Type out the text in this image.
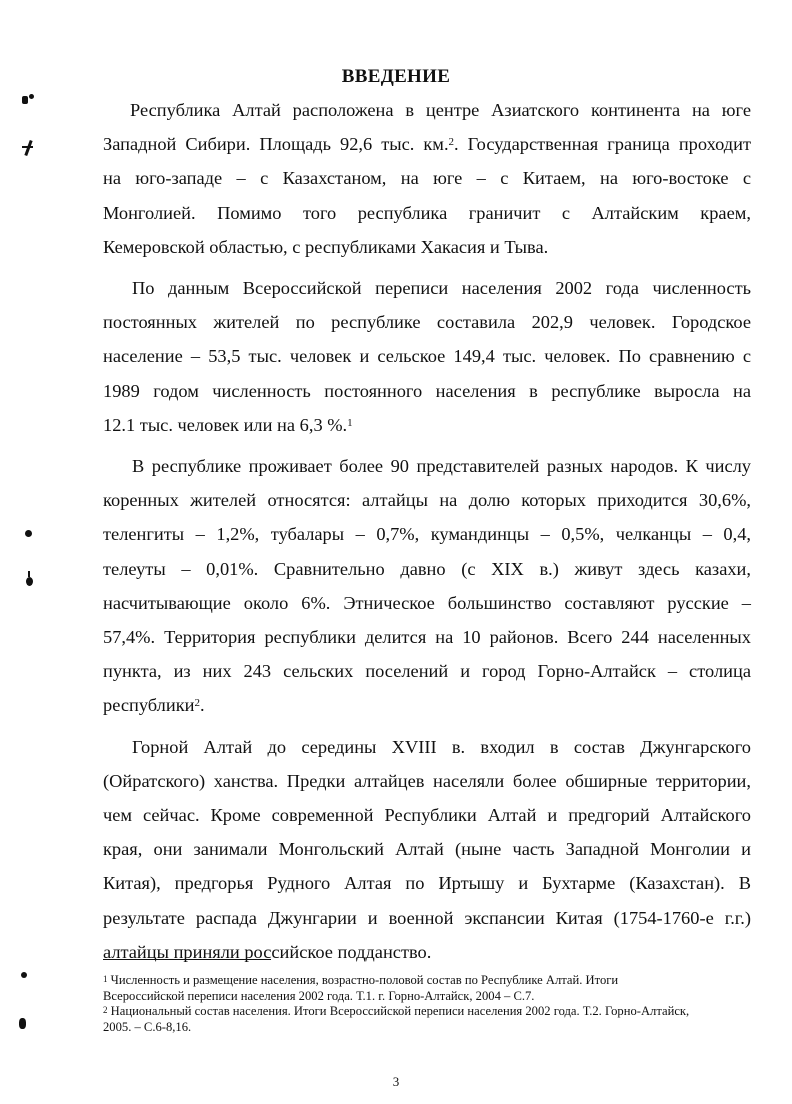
ВВЕДЕНИЕ
Республика Алтай расположена в центре Азиатского континента на юге
Западной Сибири. Площадь 92,6 тыс. км.$^2$. Государственная граница проходит
на юго-западе – с Казахстаном, на юге – с Китаем, на юго-востоке с
Монголией. Помимо того республика граничит с Алтайским краем,
Кемеровской областью, с республиками Хакасия и Тыва.
По данным Всероссийской переписи населения 2002 года численность
постоянных жителей по республике составила 202,9 человек. Городское
население – 53,5 тыс. человек и сельское 149,4 тыс. человек. По сравнению с
1989 годом численность постоянного населения в республике выросла на
12.1 тыс. человек или на 6,3 %.$^1$
В республике проживает более 90 представителей разных народов. К числу
коренных жителей относятся: алтайцы на долю которых приходится 30,6%,
теленгиты – 1,2%, тубалары – 0,7%, кумандинцы – 0,5%, челканцы – 0,4,
телеуты – 0,01%. Сравнительно давно (с XIX в.) живут здесь казахи,
насчитывающие около 6%. Этническое большинство составляют русские –
57,4%. Территория республики делится на 10 районов. Всего 244 населенных
пункта, из них 243 сельских поселений и город Горно-Алтайск – столица
республики$^2$.
Горной Алтай до середины XVIII в. входил в состав Джунгарского
(Ойратского) ханства. Предки алтайцев населяли более обширные территории,
чем сейчас. Кроме современной Республики Алтай и предгорий Алтайского
края, они занимали Монгольский Алтай (ныне часть Западной Монголии и
Китая), предгорья Рудного Алтая по Иртышу и Бухтарме (Казахстан). В
результате распада Джунгарии и военной экспансии Китая (1754-1760-е г.г.)
алтайцы приняли российское подданство.

$^1$ Численность и размещение населения, возрастно-половой состав по Республике Алтай. Итоги
Всероссийской переписи населения 2002 года. Т.1. г. Горно-Алтайск, 2004 – С.7.

$^2$ Национальный состав населения. Итоги Всероссийской переписи населения 2002 года. Т.2. Горно-Алтайск,
2005. – С.6-8,16.

3
